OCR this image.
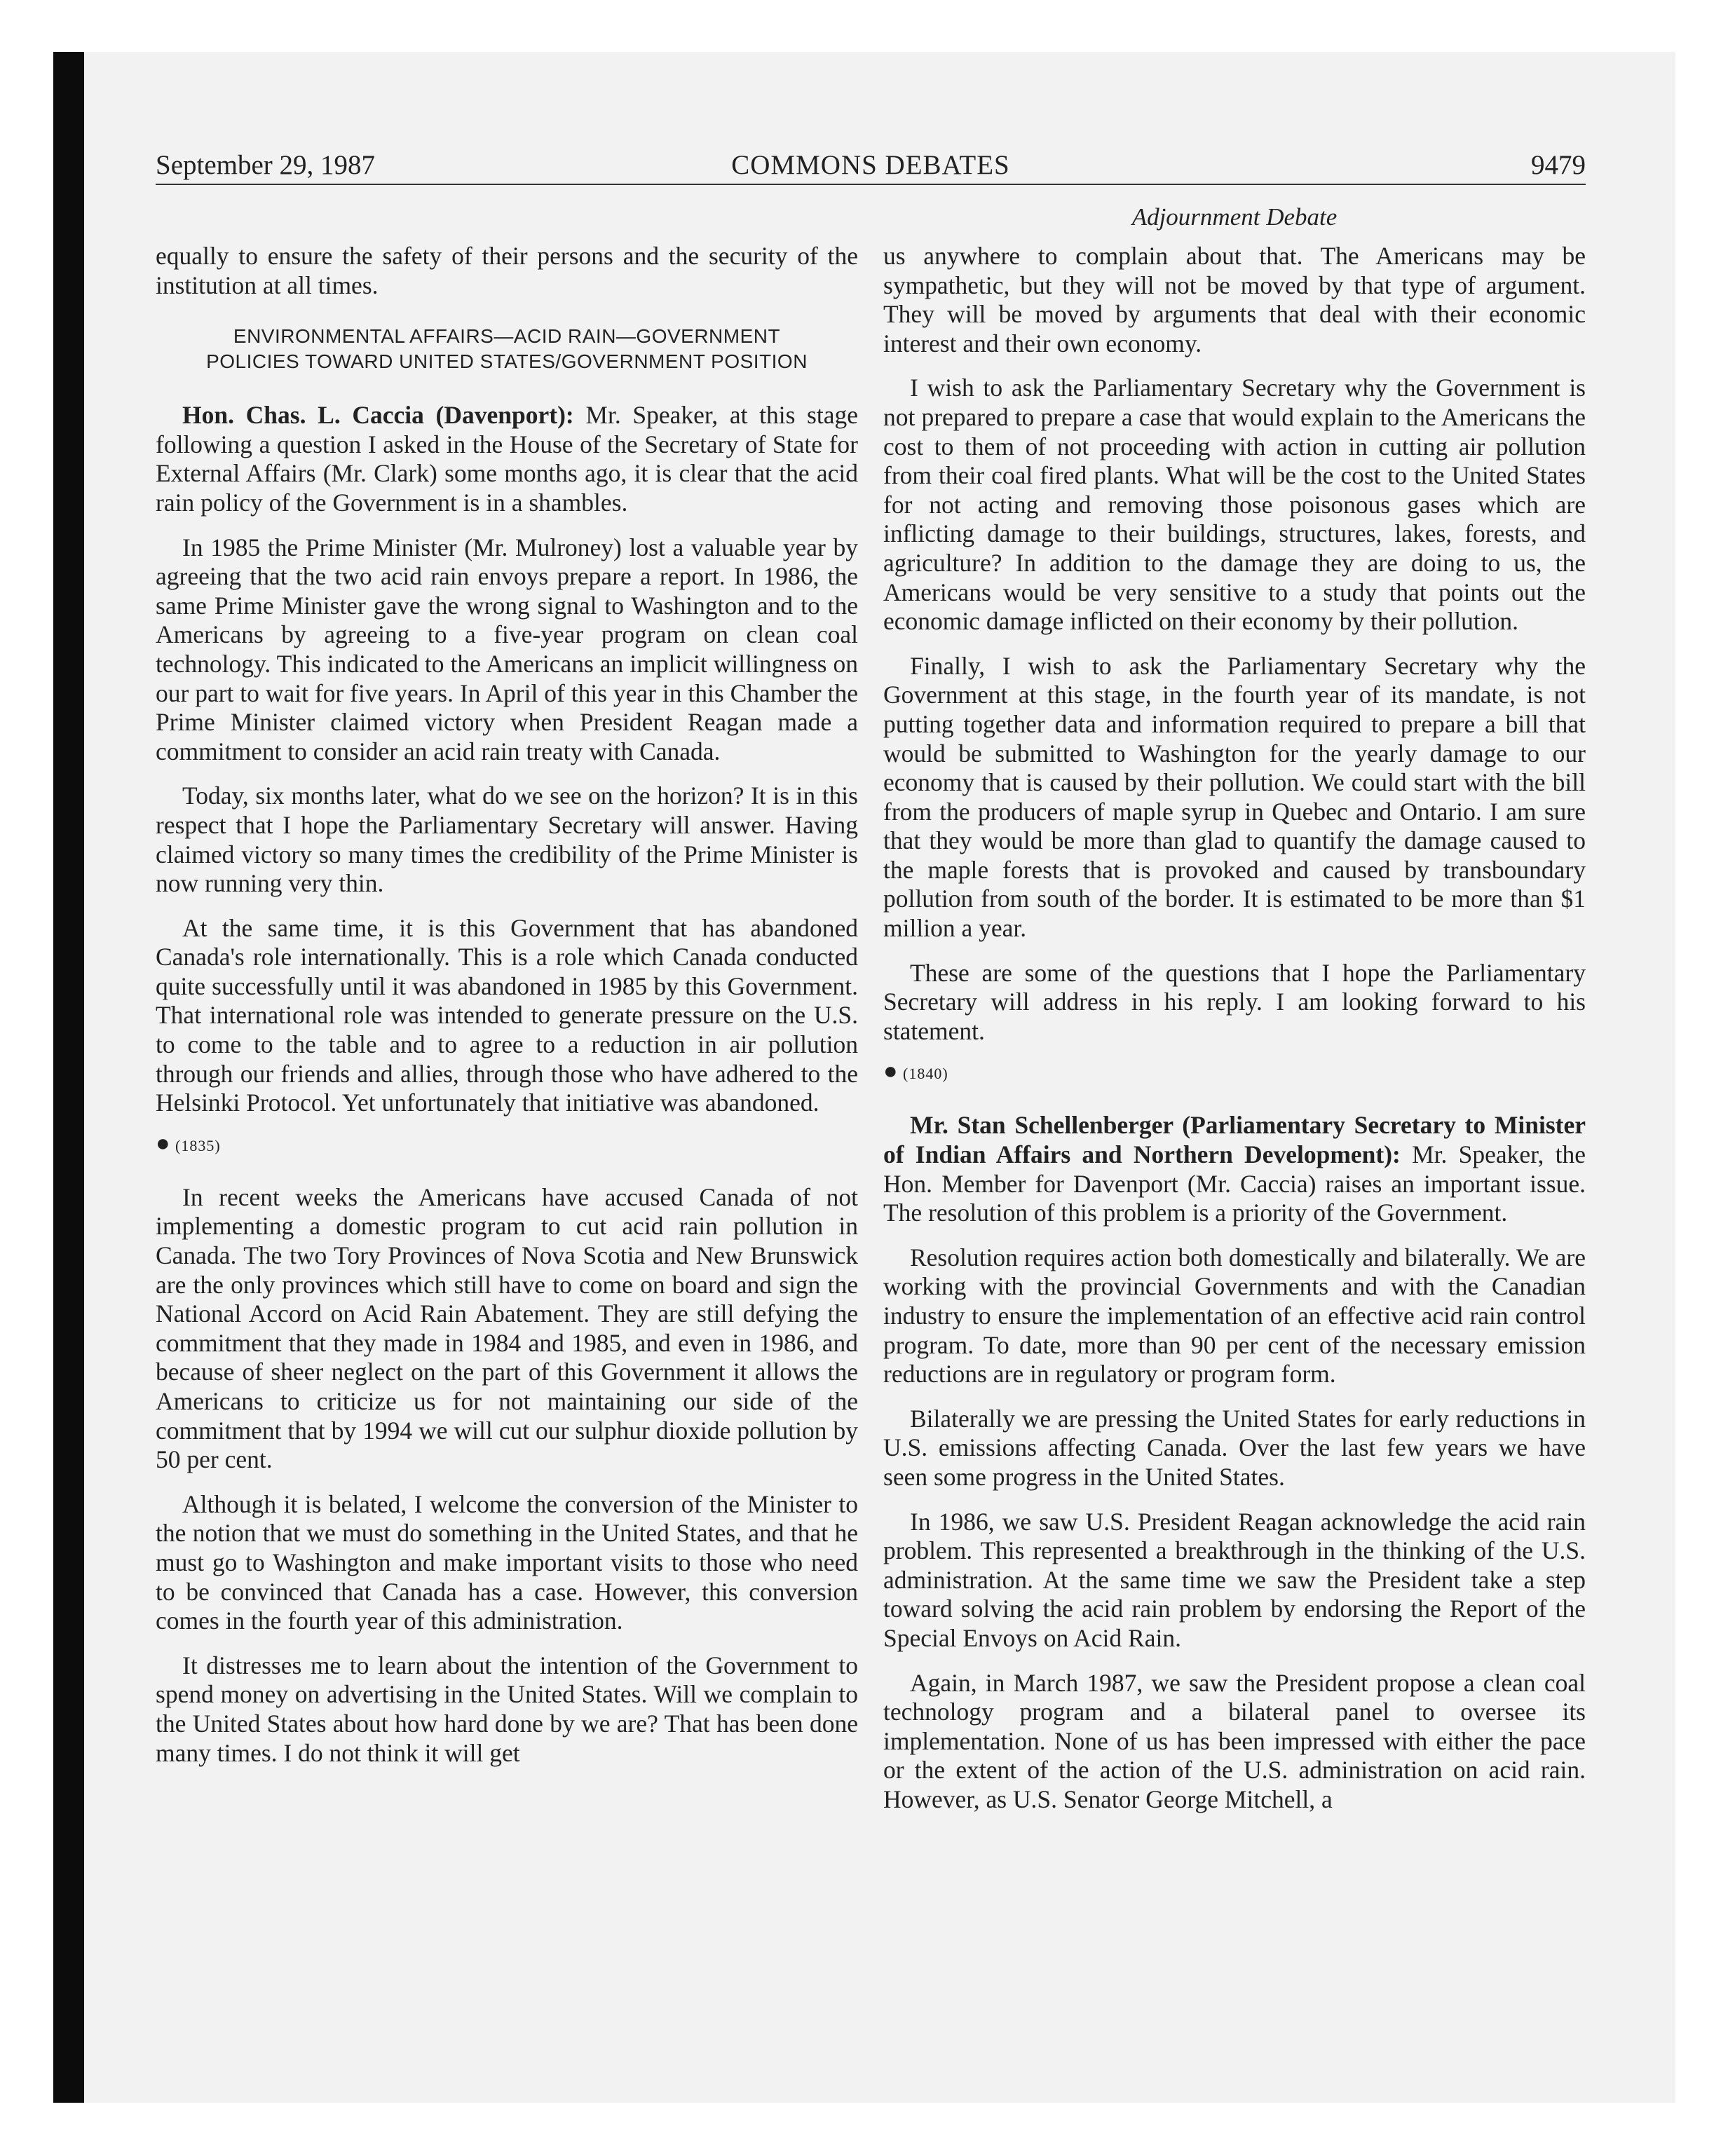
September 29, 1987	COMMONS DEBATES	9479
Adjournment Debate

equally to ensure the safety of their persons and the security of the institution at all times.

ENVIRONMENTAL AFFAIRS—ACID RAIN—GOVERNMENT
POLICIES TOWARD UNITED STATES/GOVERNMENT POSITION

Hon. Chas. L. Caccia (Davenport): Mr. Speaker, at this stage following a question I asked in the House of the Secretary of State for External Affairs (Mr. Clark) some months ago, it is clear that the acid rain policy of the Government is in a shambles.

In 1985 the Prime Minister (Mr. Mulroney) lost a valuable year by agreeing that the two acid rain envoys prepare a report. In 1986, the same Prime Minister gave the wrong signal to Washington and to the Americans by agreeing to a five-year program on clean coal technology. This indicated to the Americans an implicit willingness on our part to wait for five years. In April of this year in this Chamber the Prime Minister claimed victory when President Reagan made a commitment to consider an acid rain treaty with Canada.

Today, six months later, what do we see on the horizon? It is in this respect that I hope the Parliamentary Secretary will answer. Having claimed victory so many times the credibility of the Prime Minister is now running very thin.

At the same time, it is this Government that has abandoned Canada's role internationally. This is a role which Canada conducted quite successfully until it was abandoned in 1985 by this Government. That international role was intended to generate pressure on the U.S. to come to the table and to agree to a reduction in air pollution through our friends and allies, through those who have adhered to the Helsinki Protocol. Yet unfortunately that initiative was abandoned.

● (1835)

In recent weeks the Americans have accused Canada of not implementing a domestic program to cut acid rain pollution in Canada. The two Tory Provinces of Nova Scotia and New Brunswick are the only provinces which still have to come on board and sign the National Accord on Acid Rain Abatement. They are still defying the commitment that they made in 1984 and 1985, and even in 1986, and because of sheer neglect on the part of this Government it allows the Americans to criticize us for not maintaining our side of the commitment that by 1994 we will cut our sulphur dioxide pollution by 50 per cent.

Although it is belated, I welcome the conversion of the Minister to the notion that we must do something in the United States, and that he must go to Washington and make important visits to those who need to be convinced that Canada has a case. However, this conversion comes in the fourth year of this administration.

It distresses me to learn about the intention of the Government to spend money on advertising in the United States. Will we complain to the United States about how hard done by we are? That has been done many times. I do not think it will get

us anywhere to complain about that. The Americans may be sympathetic, but they will not be moved by that type of argument. They will be moved by arguments that deal with their economic interest and their own economy.

I wish to ask the Parliamentary Secretary why the Government is not prepared to prepare a case that would explain to the Americans the cost to them of not proceeding with action in cutting air pollution from their coal fired plants. What will be the cost to the United States for not acting and removing those poisonous gases which are inflicting damage to their buildings, structures, lakes, forests, and agriculture? In addition to the damage they are doing to us, the Americans would be very sensitive to a study that points out the economic damage inflicted on their economy by their pollution.

Finally, I wish to ask the Parliamentary Secretary why the Government at this stage, in the fourth year of its mandate, is not putting together data and information required to prepare a bill that would be submitted to Washington for the yearly damage to our economy that is caused by their pollution. We could start with the bill from the producers of maple syrup in Quebec and Ontario. I am sure that they would be more than glad to quantify the damage caused to the maple forests that is provoked and caused by transboundary pollution from south of the border. It is estimated to be more than $1 million a year.

These are some of the questions that I hope the Parliamentary Secretary will address in his reply. I am looking forward to his statement.

● (1840)

Mr. Stan Schellenberger (Parliamentary Secretary to Minister of Indian Affairs and Northern Development): Mr. Speaker, the Hon. Member for Davenport (Mr. Caccia) raises an important issue. The resolution of this problem is a priority of the Government.

Resolution requires action both domestically and bilaterally. We are working with the provincial Governments and with the Canadian industry to ensure the implementation of an effective acid rain control program. To date, more than 90 per cent of the necessary emission reductions are in regulatory or program form.

Bilaterally we are pressing the United States for early reductions in U.S. emissions affecting Canada. Over the last few years we have seen some progress in the United States.

In 1986, we saw U.S. President Reagan acknowledge the acid rain problem. This represented a breakthrough in the thinking of the U.S. administration. At the same time we saw the President take a step toward solving the acid rain problem by endorsing the Report of the Special Envoys on Acid Rain.

Again, in March 1987, we saw the President propose a clean coal technology program and a bilateral panel to oversee its implementation. None of us has been impressed with either the pace or the extent of the action of the U.S. administration on acid rain. However, as U.S. Senator George Mitchell, a
